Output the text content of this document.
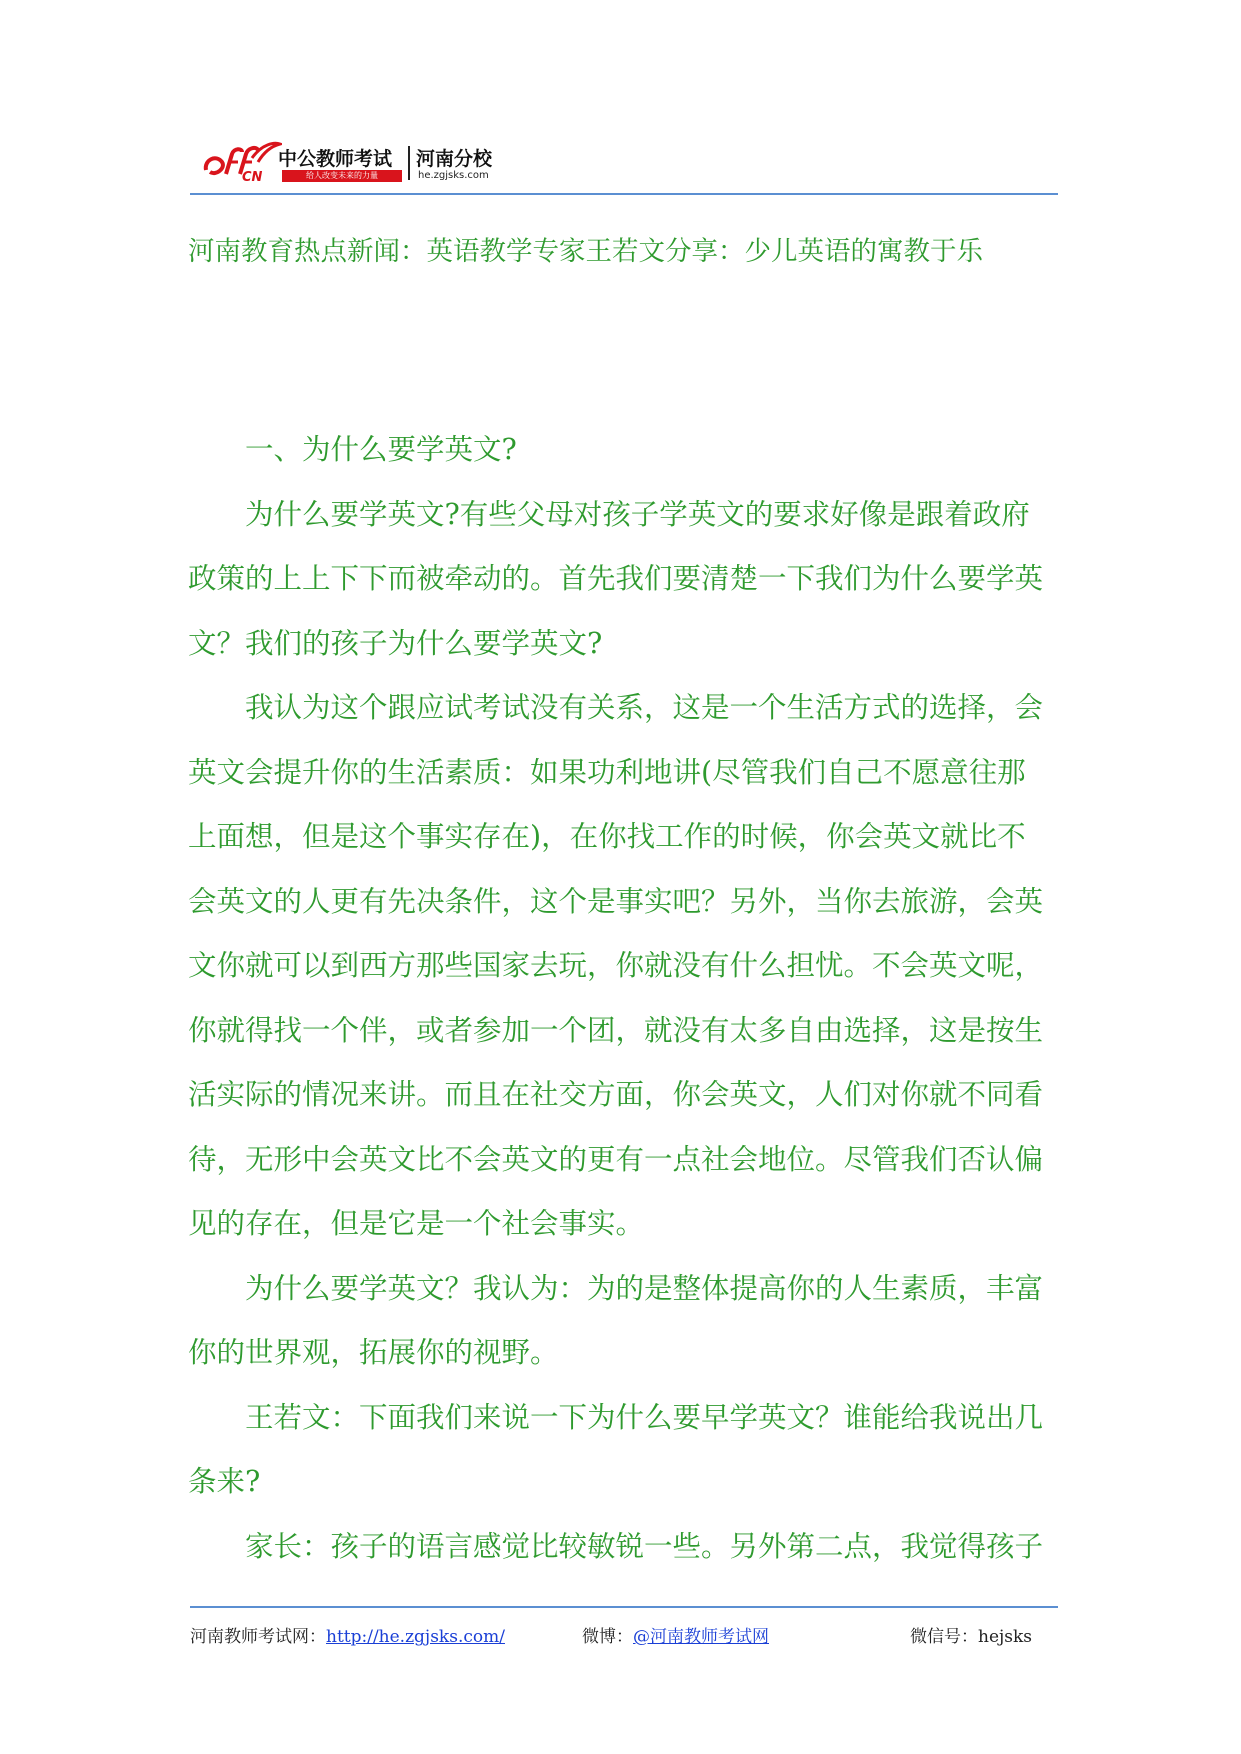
CN
中公教师考试
给人改变未来的力量
河南分校
he.zgjsks.com
河南教育热点新闻：英语教学专家王若文分享：少儿英语的寓教于乐
一、为什么要学英文?
为什么要学英文?有些父母对孩子学英文的要求好像是跟着政府
政策的上上下下而被牵动的。首先我们要清楚一下我们为什么要学英
文？我们的孩子为什么要学英文?
我认为这个跟应试考试没有关系，这是一个生活方式的选择，会
英文会提升你的生活素质：如果功利地讲(尽管我们自己不愿意往那
上面想，但是这个事实存在)，在你找工作的时候，你会英文就比不
会英文的人更有先决条件，这个是事实吧？另外，当你去旅游，会英
文你就可以到西方那些国家去玩，你就没有什么担忧。不会英文呢，
你就得找一个伴，或者参加一个团，就没有太多自由选择，这是按生
活实际的情况来讲。而且在社交方面，你会英文，人们对你就不同看
待，无形中会英文比不会英文的更有一点社会地位。尽管我们否认偏
见的存在，但是它是一个社会事实。
为什么要学英文？我认为：为的是整体提高你的人生素质，丰富
你的世界观，拓展你的视野。
王若文：下面我们来说一下为什么要早学英文？谁能给我说出几
条来?
家长：孩子的语言感觉比较敏锐一些。另外第二点，我觉得孩子
河南教师考试网：http://he.zgjsks.com/	微博：@河南教师考试网	微信号：hejsks
